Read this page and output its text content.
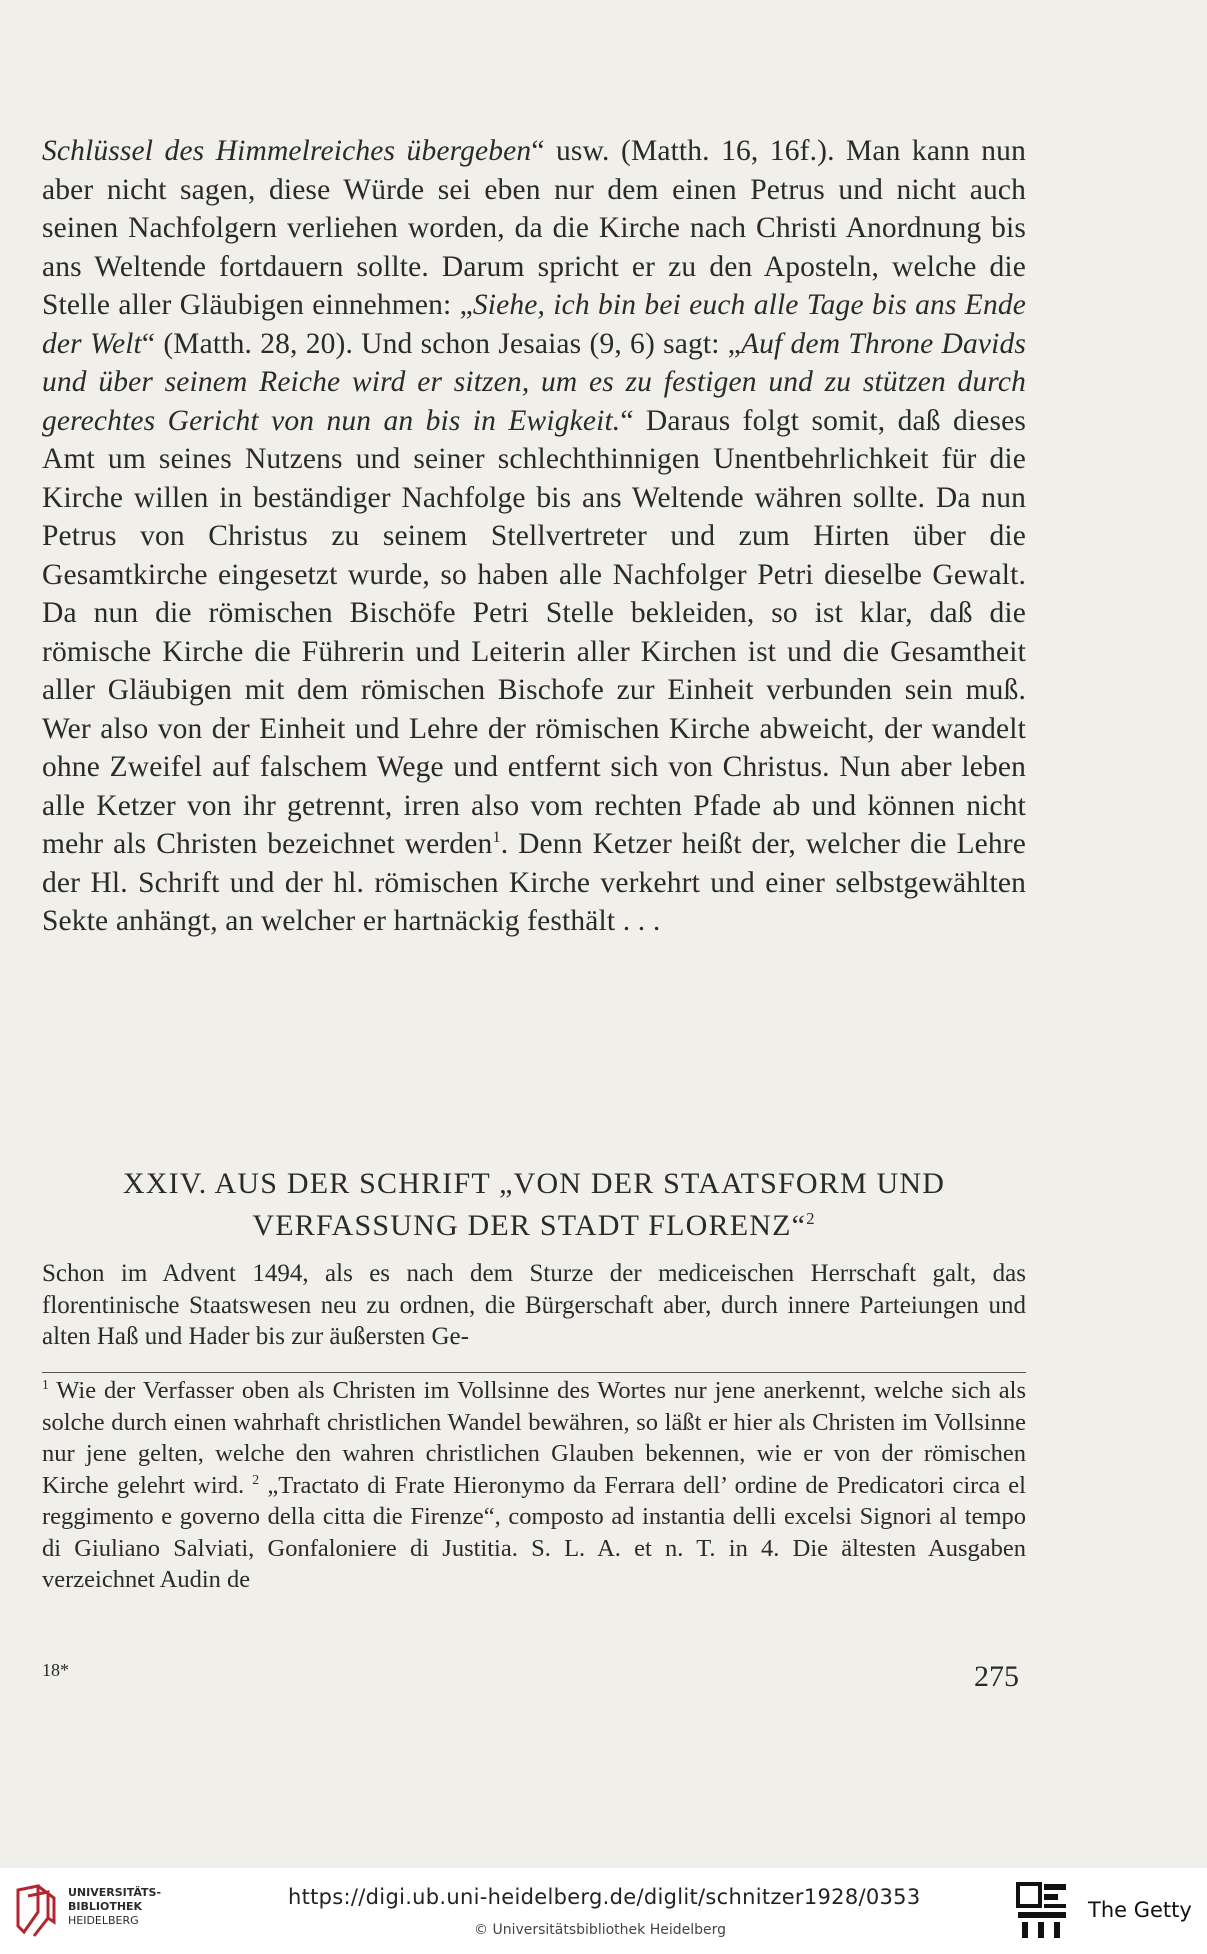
Schlüssel des Himmelreiches übergeben“ usw. (Matth. 16, 16f.). Man kann nun aber nicht sagen, diese Würde sei eben nur dem einen Petrus und nicht auch seinen Nachfolgern verliehen worden, da die Kirche nach Christi Anordnung bis ans Weltende fortdauern sollte. Darum spricht er zu den Aposteln, welche die Stelle aller Gläubigen einnehmen: „Siehe, ich bin bei euch alle Tage bis ans Ende der Welt“ (Matth. 28, 20). Und schon Jesaias (9, 6) sagt: „Auf dem Throne Davids und über seinem Reiche wird er sitzen, um es zu festigen und zu stützen durch gerechtes Gericht von nun an bis in Ewigkeit.“ Daraus folgt somit, daß dieses Amt um seines Nutzens und seiner schlechthinnigen Unentbehrlichkeit für die Kirche willen in beständiger Nachfolge bis ans Weltende währen sollte. Da nun Petrus von Christus zu seinem Stellvertreter und zum Hirten über die Gesamtkirche eingesetzt wurde, so haben alle Nachfolger Petri dieselbe Gewalt. Da nun die römischen Bischöfe Petri Stelle bekleiden, so ist klar, daß die römische Kirche die Führerin und Leiterin aller Kirchen ist und die Gesamtheit aller Gläubigen mit dem römischen Bischofe zur Einheit verbunden sein muß. Wer also von der Einheit und Lehre der römischen Kirche abweicht, der wandelt ohne Zweifel auf falschem Wege und entfernt sich von Christus. Nun aber leben alle Ketzer von ihr getrennt, irren also vom rechten Pfade ab und können nicht mehr als Christen bezeichnet werden$^1$. Denn Ketzer heißt der, welcher die Lehre der Hl. Schrift und der hl. römischen Kirche verkehrt und einer selbstgewählten Sekte anhängt, an welcher er hartnäckig festhält . . .
XXIV. AUS DER SCHRIFT „VON DER STAATSFORM UND
VERFASSUNG DER STADT FLORENZ“$^2$
Schon im Advent 1494, als es nach dem Sturze der mediceischen Herrschaft galt, das florentinische Staatswesen neu zu ordnen, die Bürgerschaft aber, durch innere Parteiungen und alten Haß und Hader bis zur äußersten Ge-
$^1$ Wie der Verfasser oben als Christen im Vollsinne des Wortes nur jene anerkennt, welche sich als solche durch einen wahrhaft christlichen Wandel bewähren, so läßt er hier als Christen im Vollsinne nur jene gelten, welche den wahren christlichen Glauben bekennen, wie er von der römischen Kirche gelehrt wird. $^2$ „Tractato di Frate Hieronymo da Ferrara dell’ ordine de Predicatori circa el reggimento e governo della citta die Firenze“, composto ad instantia delli excelsi Signori al tempo di Giuliano Salviati, Gonfaloniere di Justitia. S. L. A. et n. T. in 4. Die ältesten Ausgaben verzeichnet Audin de
18*	275
UNIVERSITÄTS-
BIBLIOTHEK
HEIDELBERG
https://digi.ub.uni-heidelberg.de/diglit/schnitzer1928/0353
© Universitätsbibliothek Heidelberg
The Getty
